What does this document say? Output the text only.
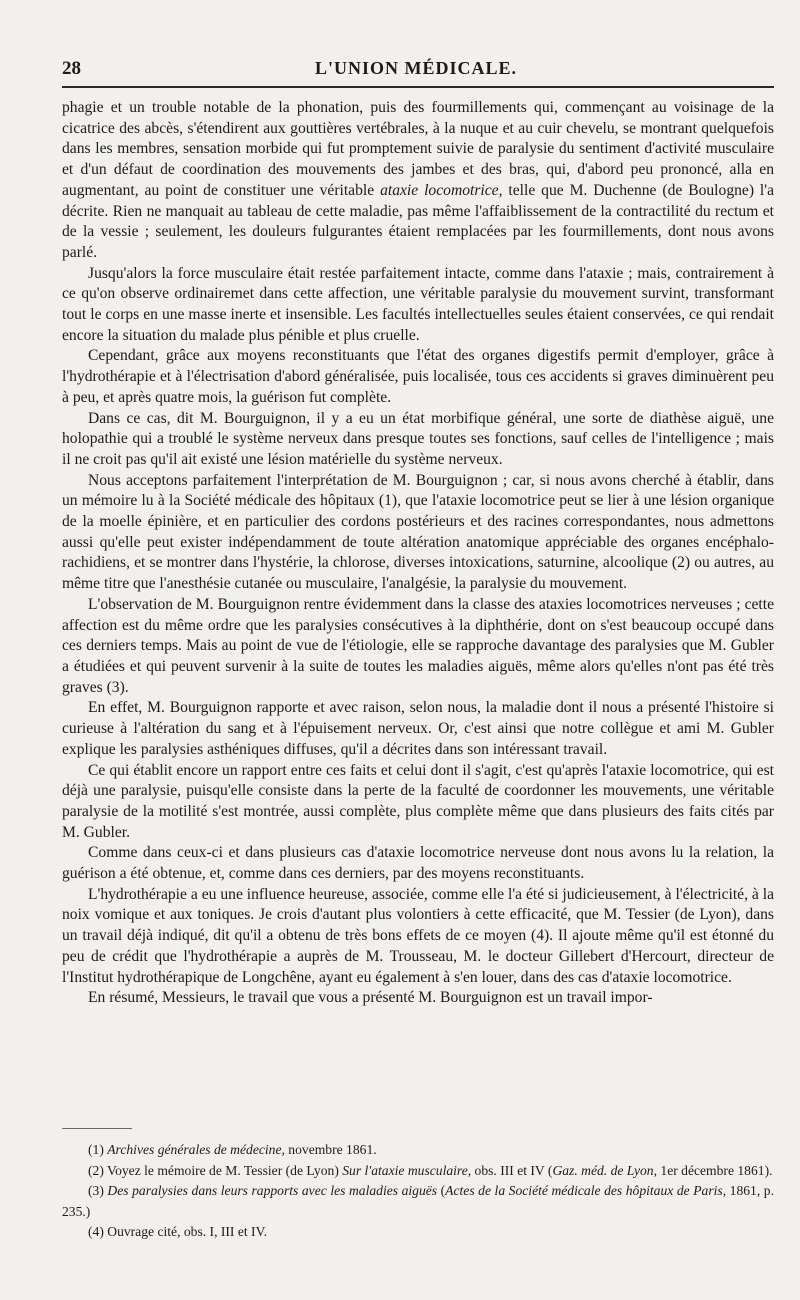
28	L'UNION MÉDICALE.

phagie et un trouble notable de la phonation, puis des fourmillements qui, commençant au voisinage de la cicatrice des abcès, s'étendirent aux gouttières vertébrales, à la nuque et au cuir chevelu, se montrant quelquefois dans les membres, sensation morbide qui fut promptement suivie de paralysie du sentiment d'activité musculaire et d'un défaut de coordination des mouvements des jambes et des bras, qui, d'abord peu prononcé, alla en augmentant, au point de constituer une véritable ataxie locomotrice, telle que M. Duchenne (de Boulogne) l'a décrite. Rien ne manquait au tableau de cette maladie, pas même l'affaiblissement de la contractilité du rectum et de la vessie ; seulement, les douleurs fulgurantes étaient remplacées par les fourmillements, dont nous avons parlé.

Jusqu'alors la force musculaire était restée parfaitement intacte, comme dans l'ataxie ; mais, contrairement à ce qu'on observe ordinairemet dans cette affection, une véritable paralysie du mouvement survint, transformant tout le corps en une masse inerte et insensible. Les facultés intellectuelles seules étaient conservées, ce qui rendait encore la situation du malade plus pénible et plus cruelle.

Cependant, grâce aux moyens reconstituants que l'état des organes digestifs permit d'employer, grâce à l'hydrothérapie et à l'électrisation d'abord généralisée, puis localisée, tous ces accidents si graves diminuèrent peu à peu, et après quatre mois, la guérison fut complète.

Dans ce cas, dit M. Bourguignon, il y a eu un état morbifique général, une sorte de diathèse aiguë, une holopathie qui a troublé le système nerveux dans presque toutes ses fonctions, sauf celles de l'intelligence ; mais il ne croit pas qu'il ait existé une lésion matérielle du système nerveux.

Nous acceptons parfaitement l'interprétation de M. Bourguignon ; car, si nous avons cherché à établir, dans un mémoire lu à la Société médicale des hôpitaux (1), que l'ataxie locomotrice peut se lier à une lésion organique de la moelle épinière, et en particulier des cordons postérieurs et des racines correspondantes, nous admettons aussi qu'elle peut exister indépendamment de toute altération anatomique appréciable des organes encéphalo-rachidiens, et se montrer dans l'hystérie, la chlorose, diverses intoxications, saturnine, alcoolique (2) ou autres, au même titre que l'anesthésie cutanée ou musculaire, l'analgésie, la paralysie du mouvement.

L'observation de M. Bourguignon rentre évidemment dans la classe des ataxies locomotrices nerveuses ; cette affection est du même ordre que les paralysies consécutives à la diphthérie, dont on s'est beaucoup occupé dans ces derniers temps. Mais au point de vue de l'étiologie, elle se rapproche davantage des paralysies que M. Gubler a étudiées et qui peuvent survenir à la suite de toutes les maladies aiguës, même alors qu'elles n'ont pas été très graves (3).

En effet, M. Bourguignon rapporte et avec raison, selon nous, la maladie dont il nous a présenté l'histoire si curieuse à l'altération du sang et à l'épuisement nerveux. Or, c'est ainsi que notre collègue et ami M. Gubler explique les paralysies asthéniques diffuses, qu'il a décrites dans son intéressant travail.

Ce qui établit encore un rapport entre ces faits et celui dont il s'agit, c'est qu'après l'ataxie locomotrice, qui est déjà une paralysie, puisqu'elle consiste dans la perte de la faculté de coordonner les mouvements, une véritable paralysie de la motilité s'est montrée, aussi complète, plus complète même que dans plusieurs des faits cités par M. Gubler.

Comme dans ceux-ci et dans plusieurs cas d'ataxie locomotrice nerveuse dont nous avons lu la relation, la guérison a été obtenue, et, comme dans ces derniers, par des moyens reconstituants.

L'hydrothérapie a eu une influence heureuse, associée, comme elle l'a été si judicieusement, à l'électricité, à la noix vomique et aux toniques. Je crois d'autant plus volontiers à cette efficacité, que M. Tessier (de Lyon), dans un travail déjà indiqué, dit qu'il a obtenu de très bons effets de ce moyen (4). Il ajoute même qu'il est étonné du peu de crédit que l'hydrothérapie a auprès de M. Trousseau, M. le docteur Gillebert d'Hercourt, directeur de l'Institut hydrothérapique de Longchêne, ayant eu également à s'en louer, dans des cas d'ataxie locomotrice.

En résumé, Messieurs, le travail que vous a présenté M. Bourguignon est un travail impor-

(1) Archives générales de médecine, novembre 1861.

(2) Voyez le mémoire de M. Tessier (de Lyon) Sur l'ataxie musculaire, obs. III et IV (Gaz. méd. de Lyon, 1er décembre 1861).

(3) Des paralysies dans leurs rapports avec les maladies aiguës (Actes de la Société médicale des hôpitaux de Paris, 1861, p. 235.)

(4) Ouvrage cité, obs. I, III et IV.
